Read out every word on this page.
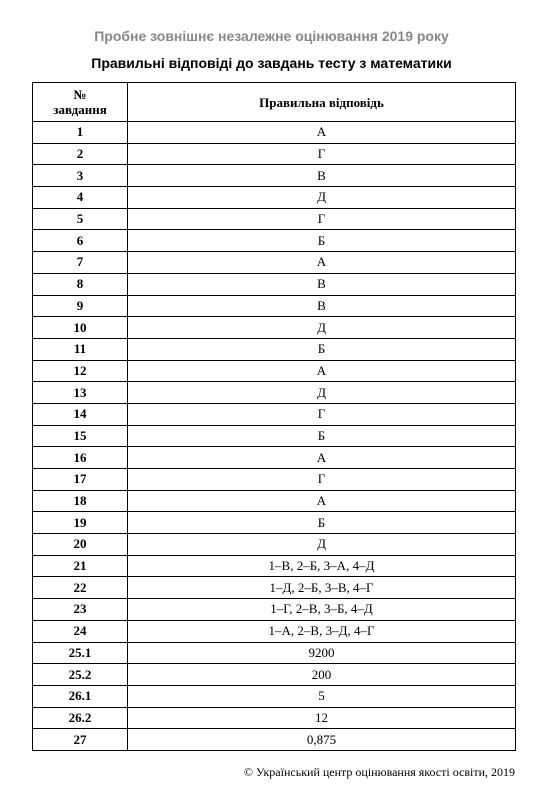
Пробне зовнішнє незалежне оцінювання 2019 року
Правильні відповіді до завдань тесту з математики
№
завдання	Правильна відповідь
1	А
2	Г
3	В
4	Д
5	Г
6	Б
7	А
8	В
9	В
10	Д
11	Б
12	А
13	Д
14	Г
15	Б
16	А
17	Г
18	А
19	Б
20	Д
21	1–В, 2–Б, 3–А, 4–Д
22	1–Д, 2–Б, 3–В, 4–Г
23	1–Г, 2–В, 3–Б, 4–Д
24	1–А, 2–В, 3–Д, 4–Г
25.1	9200
25.2	200
26.1	5
26.2	12
27	0,875
© Український центр оцінювання якості освіти, 2019
